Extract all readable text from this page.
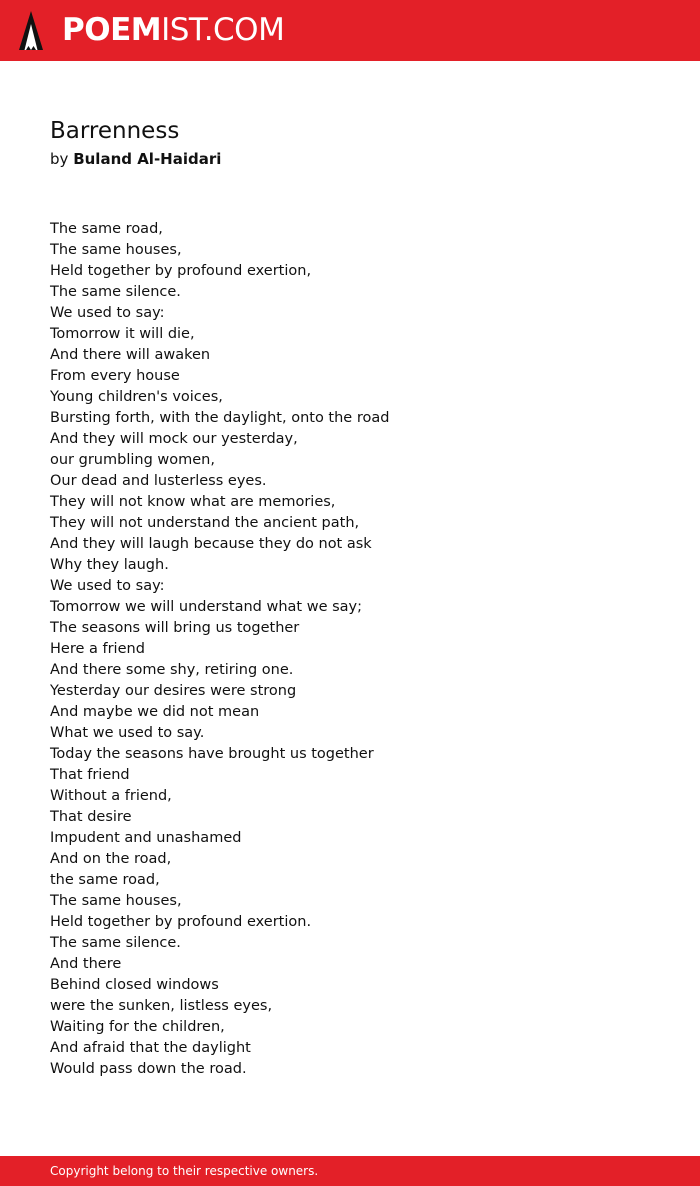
POEMIST.COM
Barrenness
by Buland Al-Haidari
The same road,
The same houses,
Held together by profound exertion,
The same silence.
We used to say:
Tomorrow it will die,
And there will awaken
From every house
Young children's voices,
Bursting forth, with the daylight, onto the road
And they will mock our yesterday,
our grumbling women,
Our dead and lusterless eyes.
They will not know what are memories,
They will not understand the ancient path,
And they will laugh because they do not ask
Why they laugh.
We used to say:
Tomorrow we will understand what we say;
The seasons will bring us together
Here a friend
And there some shy, retiring one.
Yesterday our desires were strong
And maybe we did not mean
What we used to say.
Today the seasons have brought us together
That friend
Without a friend,
That desire
Impudent and unashamed
And on the road,
the same road,
The same houses,
Held together by profound exertion.
The same silence.
And there
Behind closed windows
were the sunken, listless eyes,
Waiting for the children,
And afraid that the daylight
Would pass down the road.
Copyright belong to their respective owners.
